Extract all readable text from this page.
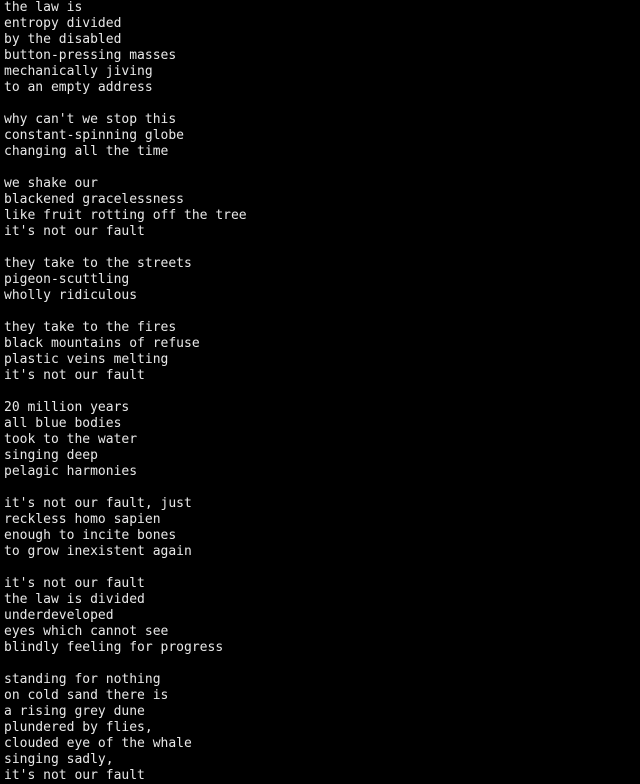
the law is
entropy divided
by the disabled
button-pressing masses
mechanically jiving
to an empty address
why can't we stop this
constant-spinning globe
changing all the time
we shake our
blackened gracelessness
like fruit rotting off the tree
it's not our fault
they take to the streets
pigeon-scuttling
wholly ridiculous
they take to the fires
black mountains of refuse
plastic veins melting
it's not our fault
20 million years
all blue bodies
took to the water
singing deep
pelagic harmonies
it's not our fault, just
reckless homo sapien
enough to incite bones
to grow inexistent again
it's not our fault
the law is divided
underdeveloped
eyes which cannot see
blindly feeling for progress
standing for nothing
on cold sand there is
a rising grey dune
plundered by flies,
clouded eye of the whale
singing sadly,
it's not our fault
